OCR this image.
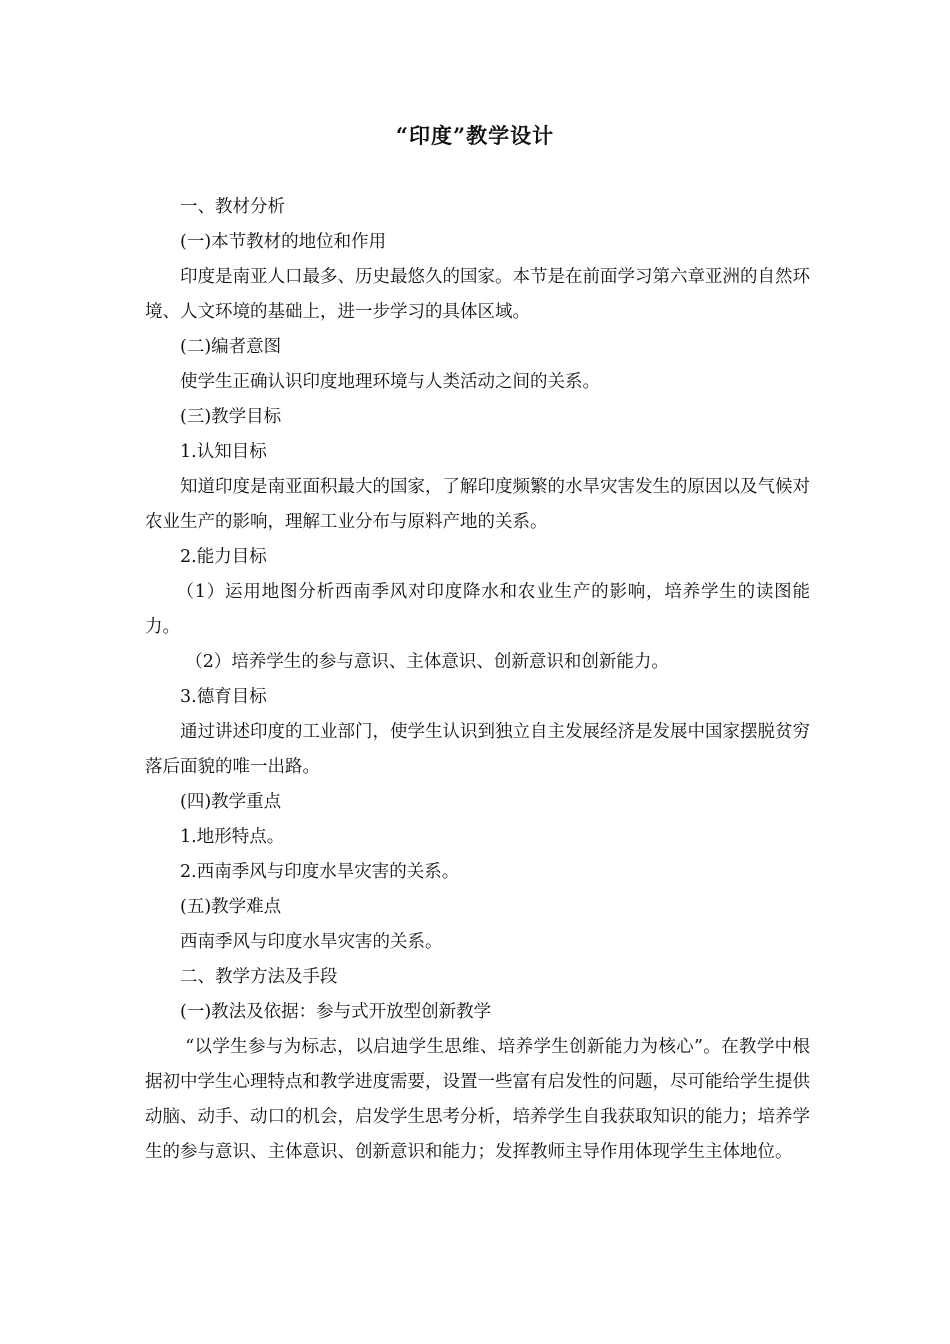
“印度”教学设计

一、教材分析

(一)本节教材的地位和作用

印度是南亚人口最多、历史最悠久的国家。本节是在前面学习第六章亚洲的自然环境、人文环境的基础上，进一步学习的具体区域。

(二)编者意图

使学生正确认识印度地理环境与人类活动之间的关系。

(三)教学目标

1.认知目标

知道印度是南亚面积最大的国家，了解印度频繁的水旱灾害发生的原因以及气候对农业生产的影响，理解工业分布与原料产地的关系。

2.能力目标

（1）运用地图分析西南季风对印度降水和农业生产的影响，培养学生的读图能力。

（2）培养学生的参与意识、主体意识、创新意识和创新能力。

3.德育目标

通过讲述印度的工业部门，使学生认识到独立自主发展经济是发展中国家摆脱贫穷落后面貌的唯一出路。

(四)教学重点

1.地形特点。

2.西南季风与印度水旱灾害的关系。

(五)教学难点

西南季风与印度水旱灾害的关系。

二、教学方法及手段

(一)教法及依据：参与式开放型创新教学

“以学生参与为标志，以启迪学生思维、培养学生创新能力为核心”。在教学中根据初中学生心理特点和教学进度需要，设置一些富有启发性的问题，尽可能给学生提供动脑、动手、动口的机会，启发学生思考分析，培养学生自我获取知识的能力；培养学生的参与意识、主体意识、创新意识和能力；发挥教师主导作用体现学生主体地位。
